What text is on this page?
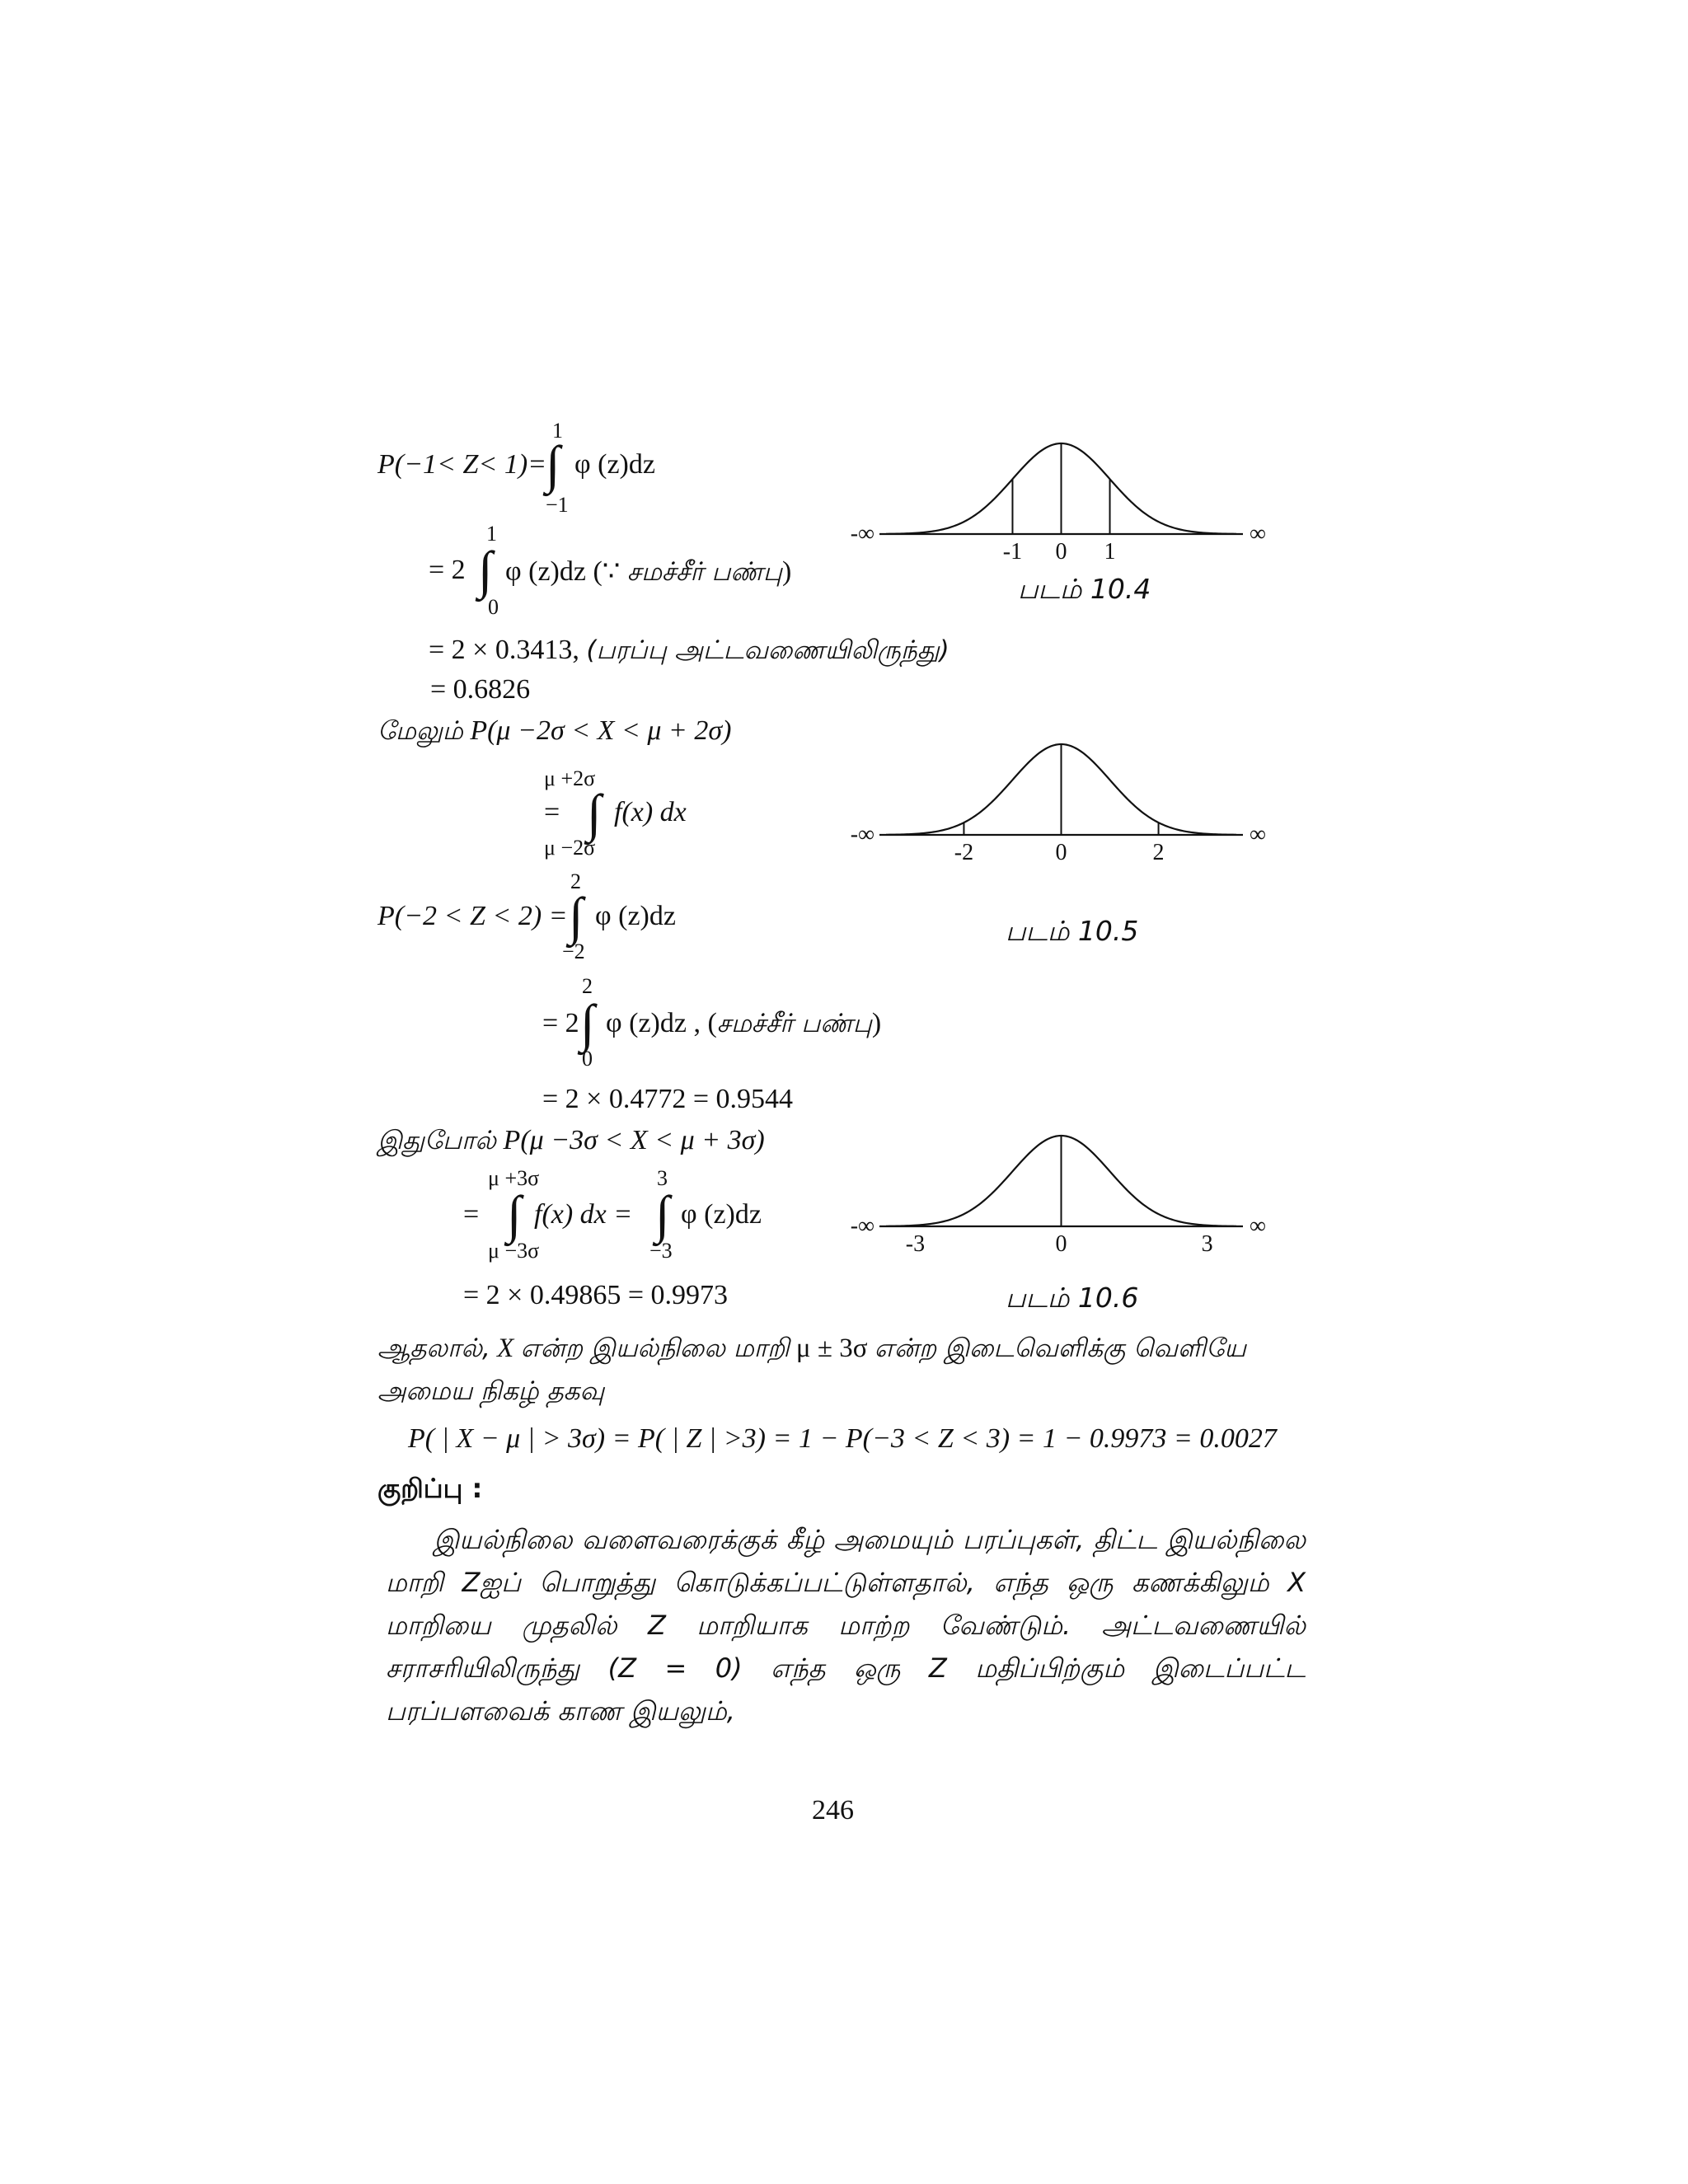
P(−1< Z< 1)=
1
∫
−1
φ (z)dz
1
= 2 ∫
0
φ (z)dz (∵ சமச்சீர் பண்பு)
= 2 × 0.3413, (பரப்பு அட்டவணையிலிருந்து)
= 0.6826
மேலும் P(μ −2σ < X < μ + 2σ)
μ +2σ
= ∫ f(x) dx
μ −2σ
2
P(−2 < Z < 2) = ∫
−2
φ (z)dz
2
= 2 ∫
0
φ (z)dz , (சமச்சீர் பண்பு)
= 2 × 0.4772 = 0.9544
இதுபோல் P(μ −3σ < X < μ + 3σ)
μ +3σ
= ∫ f(x) dx =
μ −3σ
3
∫
−3
φ (z)dz
= 2 × 0.49865 = 0.9973
-1 0 1
-∞	∞
படம் 10.4
-2	0	2
-∞	∞
படம் 10.5
-3	0	3
-∞	∞
படம் 10.6
ஆதலால், X என்ற இயல்நிலை மாறி μ ± 3σ என்ற இடைவெளிக்கு வெளியே
அமைய நிகழ் தகவு
P( | X − μ | > 3σ) = P( | Z | >3) = 1 − P(−3 < Z < 3) = 1 − 0.9973 = 0.0027
குறிப்பு :
இயல்நிலை வளைவரைக்குக் கீழ் அமையும் பரப்புகள், திட்ட இயல்நிலை மாறி Zஐப் பொறுத்து கொடுக்கப்பட்டுள்ளதால், எந்த ஒரு கணக்கிலும் X மாறியை முதலில் Z மாறியாக மாற்ற வேண்டும். அட்டவணையில் சராசரியிலிருந்து (Z = 0) எந்த ஒரு Z மதிப்பிற்கும் இடைப்பட்ட பரப்பளவைக் காண இயலும்,
246
